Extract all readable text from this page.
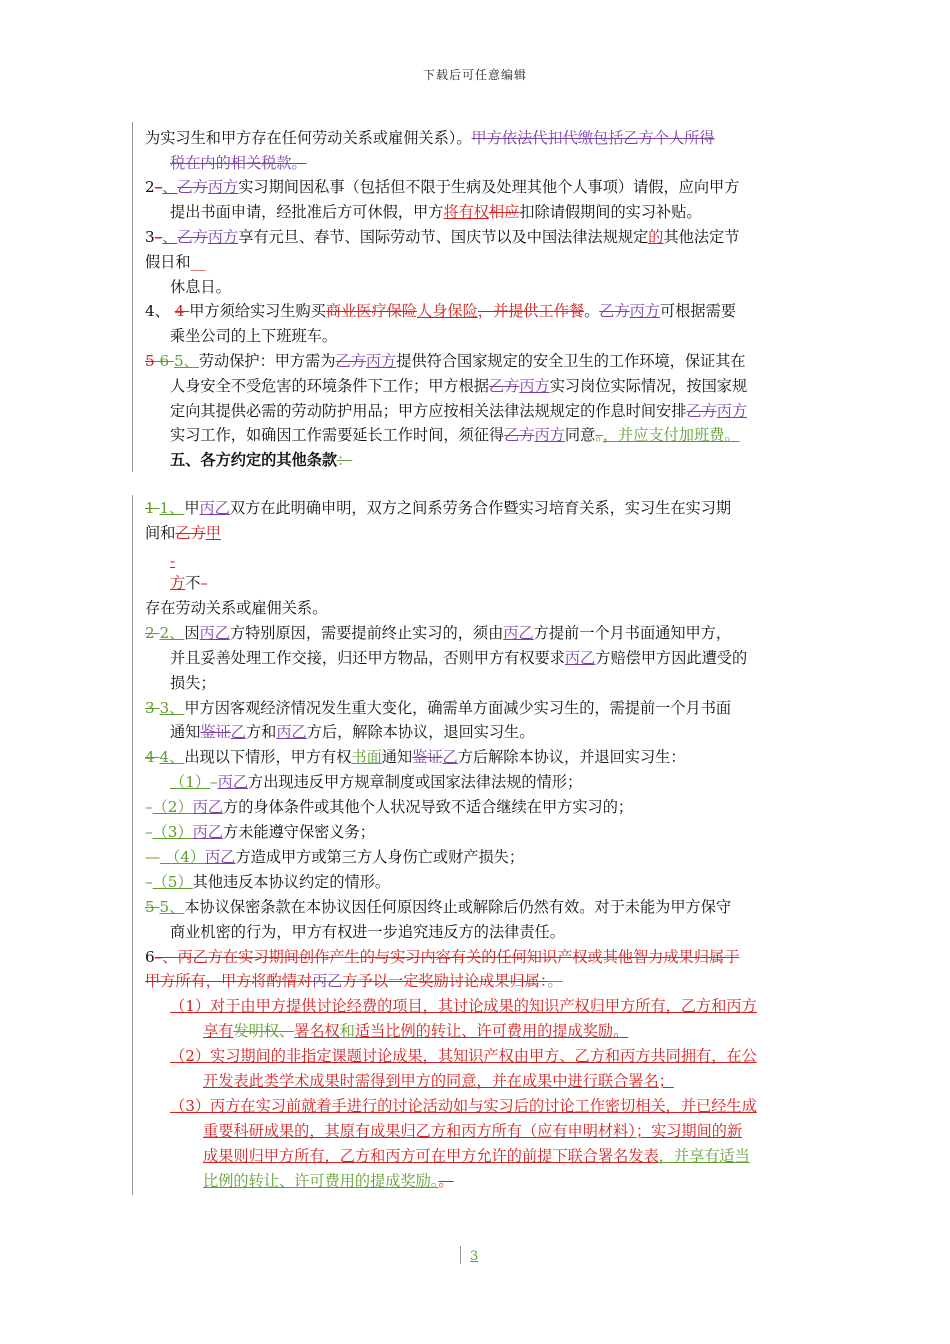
下载后可任意编辑
为实习生和甲方存在任何劳动关系或雇佣关系）。甲方依法代扣代缴包括乙方个人所得
税在内的相关税款。
2–、乙方丙方实习期间因私事（包括但不限于生病及处理其他个人事项）请假，应向甲方
提出书面申请，经批准后方可休假，甲方将有权相应扣除请假期间的实习补贴。
3–、乙方丙方享有元旦、春节、国际劳动节、国庆节以及中国法律法规规定的其他法定节
假日和__
休息日。
4、 4 甲方须给实习生购买商业医疗保险人身保险，并提供工作餐。乙方丙方可根据需要
乘坐公司的上下班班车。
5 6 5、劳动保护：甲方需为乙方丙方提供符合国家规定的安全卫生的工作环境，保证其在
人身安全不受危害的环境条件下工作；甲方根据乙方丙方实习岗位实际情况，按国家规
定向其提供必需的劳动防护用品；甲方应按相关法律法规规定的作息时间安排乙方丙方
实习工作，如确因工作需要延长工作时间，须征得乙方丙方同意。，并应支付加班费。
五、各方约定的其他条款：
1 1、甲丙乙双方在此明确申明，双方之间系劳务合作暨实习培育关系，实习生在实习期
间和乙方甲
-
方不–
存在劳动关系或雇佣关系。
2 2、因丙乙方特别原因，需要提前终止实习的，须由丙乙方提前一个月书面通知甲方，
并且妥善处理工作交接，归还甲方物品，否则甲方有权要求丙乙方赔偿甲方因此遭受的
损失；
3 3、甲方因客观经济情况发生重大变化，确需单方面减少实习生的，需提前一个月书面
通知鉴证乙方和丙乙方后，解除本协议，退回实习生。
4 4、出现以下情形，甲方有权书面通知鉴证乙方后解除本协议，并退回实习生：
（1）–丙乙方出现违反甲方规章制度或国家法律法规的情形；
–（2）丙乙方的身体条件或其他个人状况导致不适合继续在甲方实习的；
–（3）丙乙方未能遵守保密义务；
— （4）丙乙方造成甲方或第三方人身伤亡或财产损失；
–（5）其他违反本协议约定的情形。
5 5、本协议保密条款在本协议因任何原因终止或解除后仍然有效。对于未能为甲方保守
商业机密的行为，甲方有权进一步追究违反方的法律责任。
6–、丙乙方在实习期间创作产生的与实习内容有关的任何知识产权或其他智力成果归属于
甲方所有，甲方将酌情对丙乙方予以一定奖励讨论成果归属：。
（1）对于由甲方提供讨论经费的项目，其讨论成果的知识产权归甲方所有，乙方和丙方
享有发明权、署名权和适当比例的转让、许可费用的提成奖励。
（2）实习期间的非指定课题讨论成果，其知识产权由甲方、乙方和丙方共同拥有，在公
开发表此类学术成果时需得到甲方的同意，并在成果中进行联合署名；
（3）丙方在实习前就着手进行的讨论活动如与实习后的讨论工作密切相关，并已经生成
重要科研成果的，其原有成果归乙方和丙方所有（应有申明材料）；实习期间的新
成果则归甲方所有，乙方和丙方可在甲方允许的前提下联合署名发表，并享有适当
比例的转让、许可费用的提成奖励。。
3
